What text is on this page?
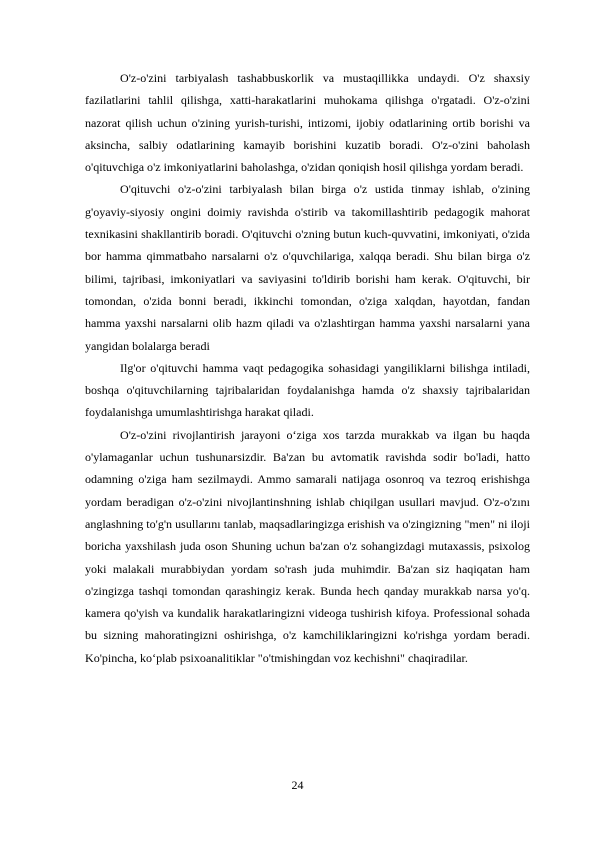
O'z-o'zini tarbiyalash tashabbuskorlik va mustaqillikka undaydi. O'z shaxsiy fazilatlarini tahlil qilishga, xatti-harakatlarini muhokama qilishga o'rgatadi. O'z-o'zini nazorat qilish uchun o'zining yurish-turishi, intizomi, ijobiy odatlarining ortib borishi va aksincha, salbiy odatlarining kamayib borishini kuzatib boradi. O'z-o'zini baholash o'qituvchiga o'z imkoniyatlarini baholashga, o'zidan qoniqish hosil qilishga yordam beradi.

O'qituvchi o'z-o'zini tarbiyalash bilan birga o'z ustida tinmay ishlab, o'zining g'oyaviy-siyosiy ongini doimiy ravishda o'stirib va takomillashtirib pedagogik mahorat texnikasini shakllantirib boradi. O'qituvchi o'zning butun kuch-quvvatini, imkoniyati, o'zida bor hamma qimmatbaho narsalarni o'z o'quvchilariga, xalqqa beradi. Shu bilan birga o'z bilimi, tajribasi, imkoniyatlari va saviyasini to'ldirib borishi ham kerak. O'qituvchi, bir tomondan, o'zida bonni beradi, ikkinchi tomondan, o'ziga xalqdan, hayotdan, fandan hamma yaxshi narsalarni olib hazm qiladi va o'zlashtirgan hamma yaxshi narsalarni yana yangidan bolalarga beradi

Ilg'or o'qituvchi hamma vaqt pedagogika sohasidagi yangiliklarni bilishga intiladi, boshqa o'qituvchilarning tajribalaridan foydalanishga hamda o'z shaxsiy tajribalaridan foydalanishga umumlashtirishga harakat qiladi.

O'z-o'zini rivojlantirish jarayoni o‘ziga xos tarzda murakkab va ilgan bu haqda o'ylamaganlar uchun tushunarsizdir. Ba'zan bu avtomatik ravishda sodir bo'ladi, hatto odamning o'ziga ham sezilmaydi. Ammo samarali natijaga osonroq va tezroq erishishga yordam beradigan o'z-o'zini nivojlantinshning ishlab chiqilgan usullari mavjud. O'z-o'zını anglashning to'g'n usullarını tanlab, maqsadlaringizga erishish va o'zingizning "men" ni iloji boricha yaxshilash juda oson Shuning uchun ba'zan o'z sohangizdagi mutaxassis, psixolog yoki malakali murabbiydan yordam so'rash juda muhimdir. Ba'zan siz haqiqatan ham o'zingizga tashqi tomondan qarashingiz kerak. Bunda hech qanday murakkab narsa yo'q. kamera qo'yish va kundalik harakatlaringizni videoga tushirish kifoya. Professional sohada bu sizning mahoratingizni oshirishga, o'z kamchiliklaringizni ko'rishga yordam beradi. Ko'pincha, ko‘plab psixoanalitiklar "o'tmishingdan voz kechishni" chaqiradilar.

24
